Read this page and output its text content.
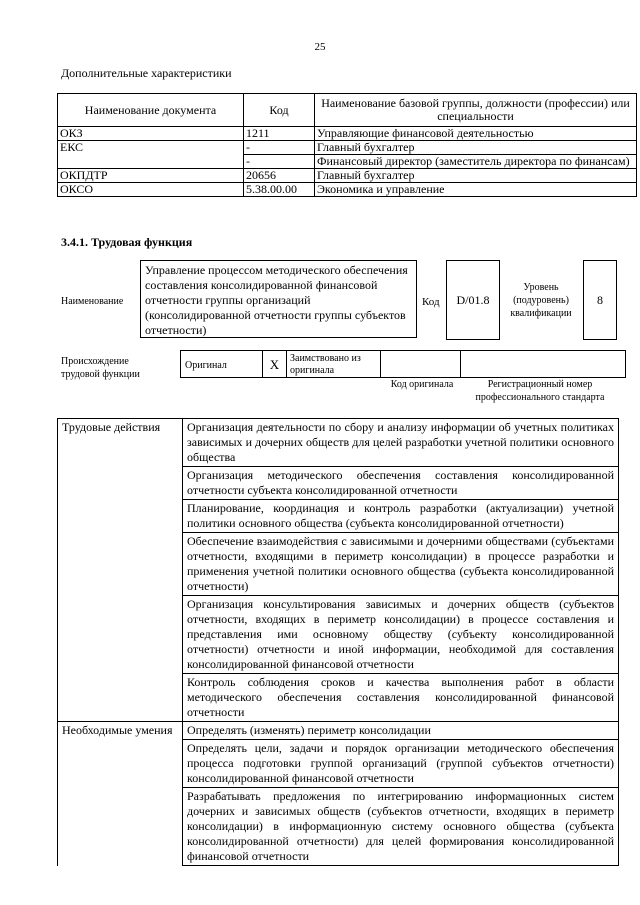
25
Дополнительные характеристики
Наименование документа	Код	Наименование базовой группы, должности (профессии) или специальности
ОКЗ	1211	Управляющие финансовой деятельностью
ЕКС	-	Главный бухгалтер
	-	Финансовый директор (заместитель директора по финансам)
ОКПДТР	20656	Главный бухгалтер
ОКСО	5.38.00.00	Экономика и управление
3.4.1. Трудовая функция
Наименование
Управление процессом методического обеспечения составления консолидированной финансовой отчетности группы организаций (консолидированной отчетности группы субъектов отчетности)
Код	D/01.8
Уровень (подуровень) квалификации
8
Происхождение трудовой функции
Оригинал	X	Заимствовано из оригинала
Код оригинала	Регистрационный номер профессионального стандарта
Трудовые действия	Организация деятельности по сбору и анализу информации об учетных политиках зависимых и дочерних обществ для целей разработки учетной политики основного общества
	Организация методического обеспечения составления консолидированной отчетности субъекта консолидированной отчетности
	Планирование, координация и контроль разработки (актуализации) учетной политики основного общества (субъекта консолидированной отчетности)
	Обеспечение взаимодействия с зависимыми и дочерними обществами (субъектами отчетности, входящими в периметр консолидации) в процессе разработки и применения учетной политики основного общества (субъекта консолидированной отчетности)
	Организация консультирования зависимых и дочерних обществ (субъектов отчетности, входящих в периметр консолидации) в процессе составления и представления ими основному обществу (субъекту консолидированной отчетности) отчетности и иной информации, необходимой для составления консолидированной финансовой отчетности
	Контроль соблюдения сроков и качества выполнения работ в области методического обеспечения составления консолидированной финансовой отчетности
Необходимые умения	Определять (изменять) периметр консолидации
	Определять цели, задачи и порядок организации методического обеспечения процесса подготовки группой организаций (группой субъектов отчетности) консолидированной финансовой отчетности
	Разрабатывать предложения по интегрированию информационных систем дочерних и зависимых обществ (субъектов отчетности, входящих в периметр консолидации) в информационную систему основного общества (субъекта консолидированной отчетности) для целей формирования консолидированной финансовой отчетности
